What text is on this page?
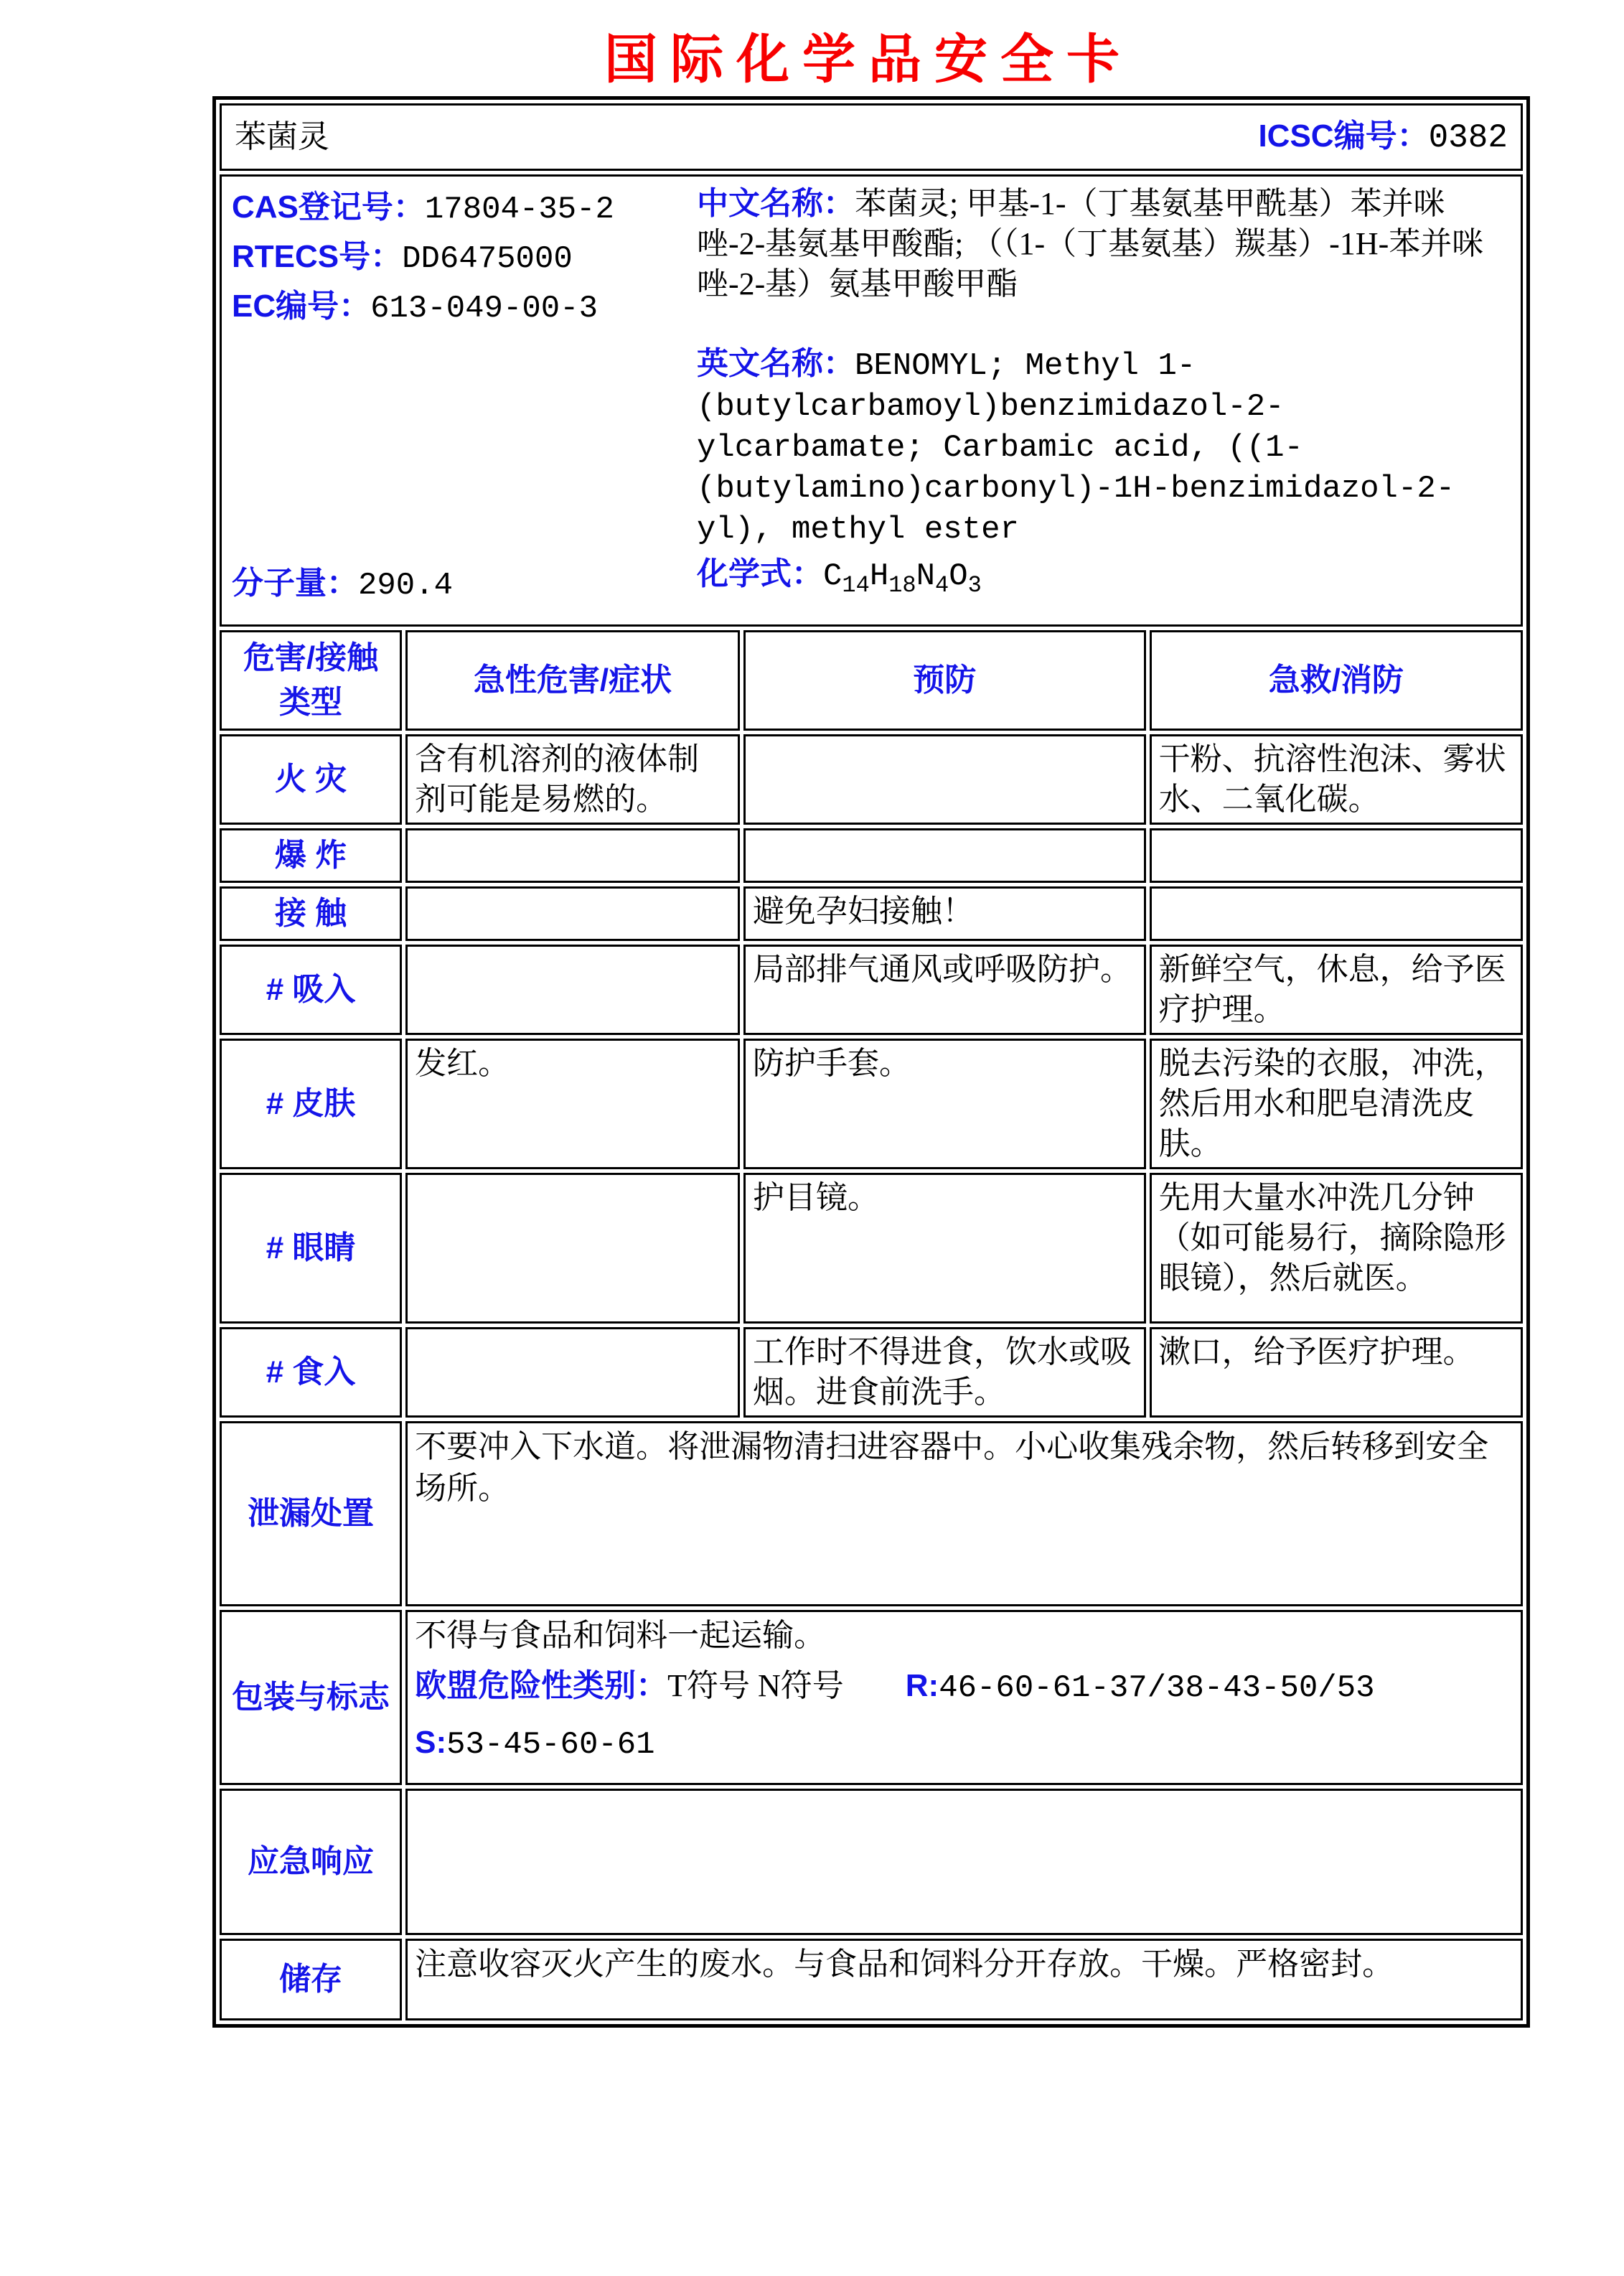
国际化学品安全卡
苯菌灵 ICSC编号：0382			

CAS登记号：17804-35-2

RTECS号：DD6475000

EC编号：613-049-00-3

中文名称：苯菌灵; 甲基-1-（丁基氨基甲酰基）苯并咪唑-2-基氨基甲酸酯; （（1-（丁基氨基）羰基）-1H-苯并咪唑-2-基）氨基甲酸甲酯

英文名称：BENOMYL; Methyl 1-(butylcarbamoyl)benzimidazol-2-ylcarbamate; Carbamic acid, ((1-(butylamino)carbonyl)-1H-benzimidazol-2-yl), methyl ester

分子量：290.4	化学式：$C_{14}H_{18}N_4O_3$

危害/接触
类型	急性危害/症状	预防	急救/消防
火 灾	含有机溶剂的液体制剂可能是易燃的。		干粉、抗溶性泡沫、雾状水、二氧化碳。
爆 炸			
接 触		避免孕妇接触！	
# 吸入		局部排气通风或呼吸防护。	新鲜空气，休息，给予医疗护理。
# 皮肤	发红。	防护手套。	脱去污染的衣服，冲洗，然后用水和肥皂清洗皮肤。
# 眼睛		护目镜。	先用大量水冲洗几分钟（如可能易行，摘除隐形眼镜），然后就医。
# 食入		工作时不得进食，饮水或吸烟。进食前洗手。	漱口，给予医疗护理。
泄漏处置	不要冲入下水道。将泄漏物清扫进容器中。小心收集残余物，然后转移到安全场所。		
包装与标志	不得与食品和饲料一起运输。
欧盟危险性类别：T符号 N符号 R:46-60-61-37/38-43-50/53
S:53-45-60-61		

应急响应			
储存	注意收容灭火产生的废水。与食品和饲料分开存放。干燥。严格密封。		
